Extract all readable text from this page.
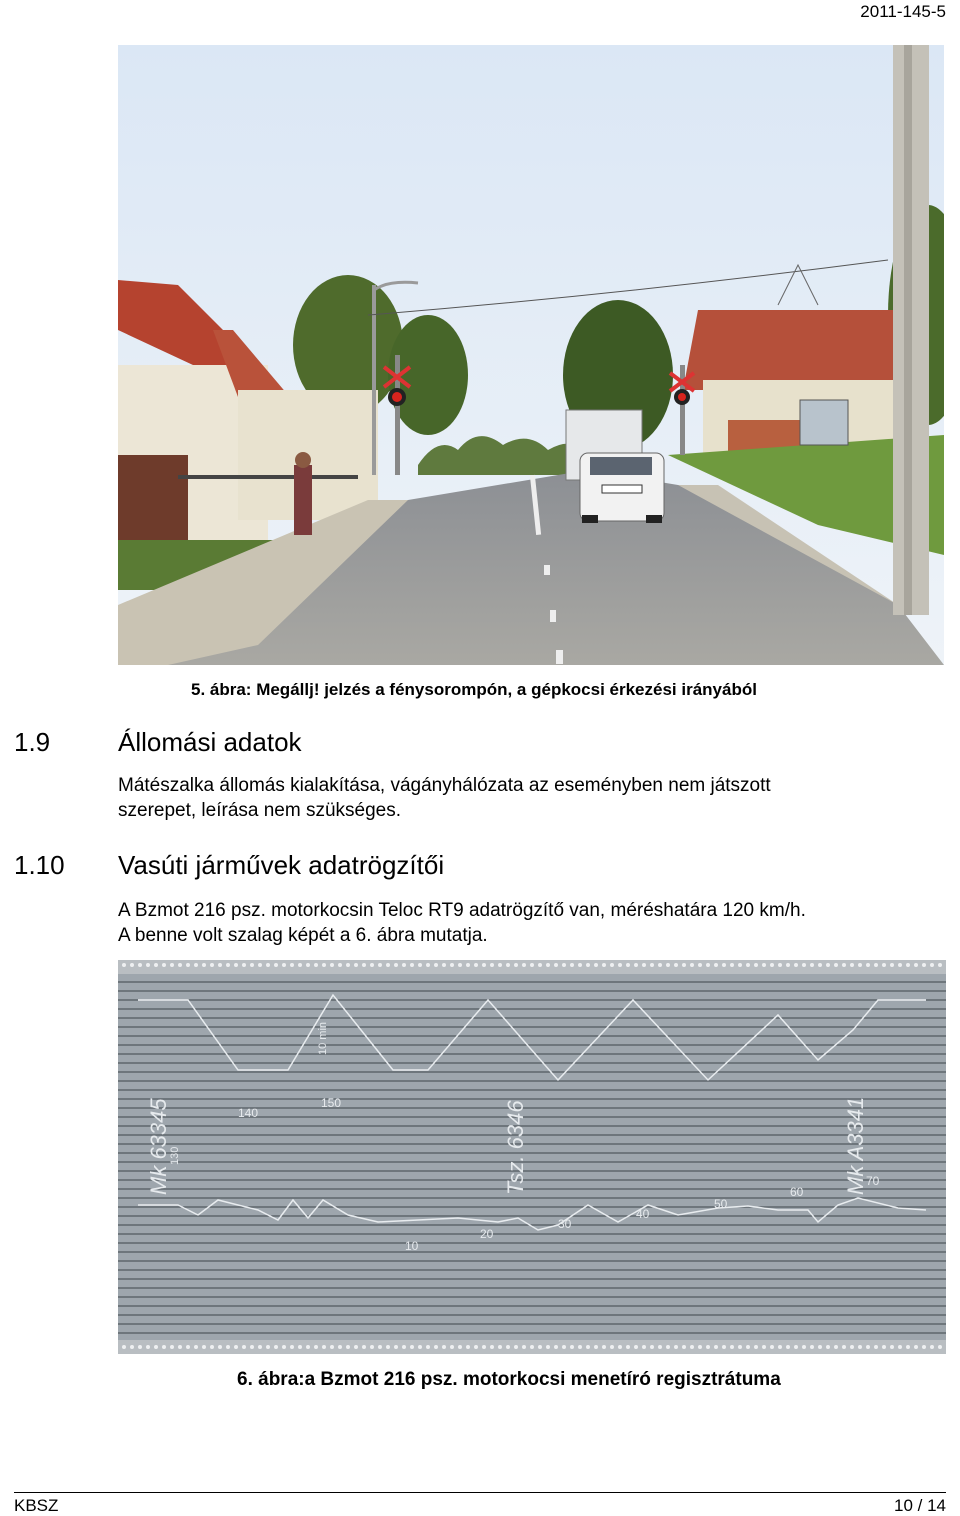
2011-145-5
5. ábra: Megállj! jelzés a fénysorompón, a gépkocsi érkezési irányából
1.9	Állomási adatok
Mátészalka állomás kialakítása, vágányhálózata az eseményben nem játszott
szerepet, leírása nem szükséges.
1.10 Vasúti járművek adatrögzítői
A Bzmot 216 psz. motorkocsin Teloc RT9 adatrögzítő van, méréshatára 120 km/h.
A benne volt szalag képét a 6. ábra mutatja.
10 min
140
150
130
Mk 63345	Tsz. 6346	Mk A3341
10
20
30
40
50
60
70
6. ábra:a Bzmot 216 psz. motorkocsi menetíró regisztrátuma
KBSZ	10 / 14
